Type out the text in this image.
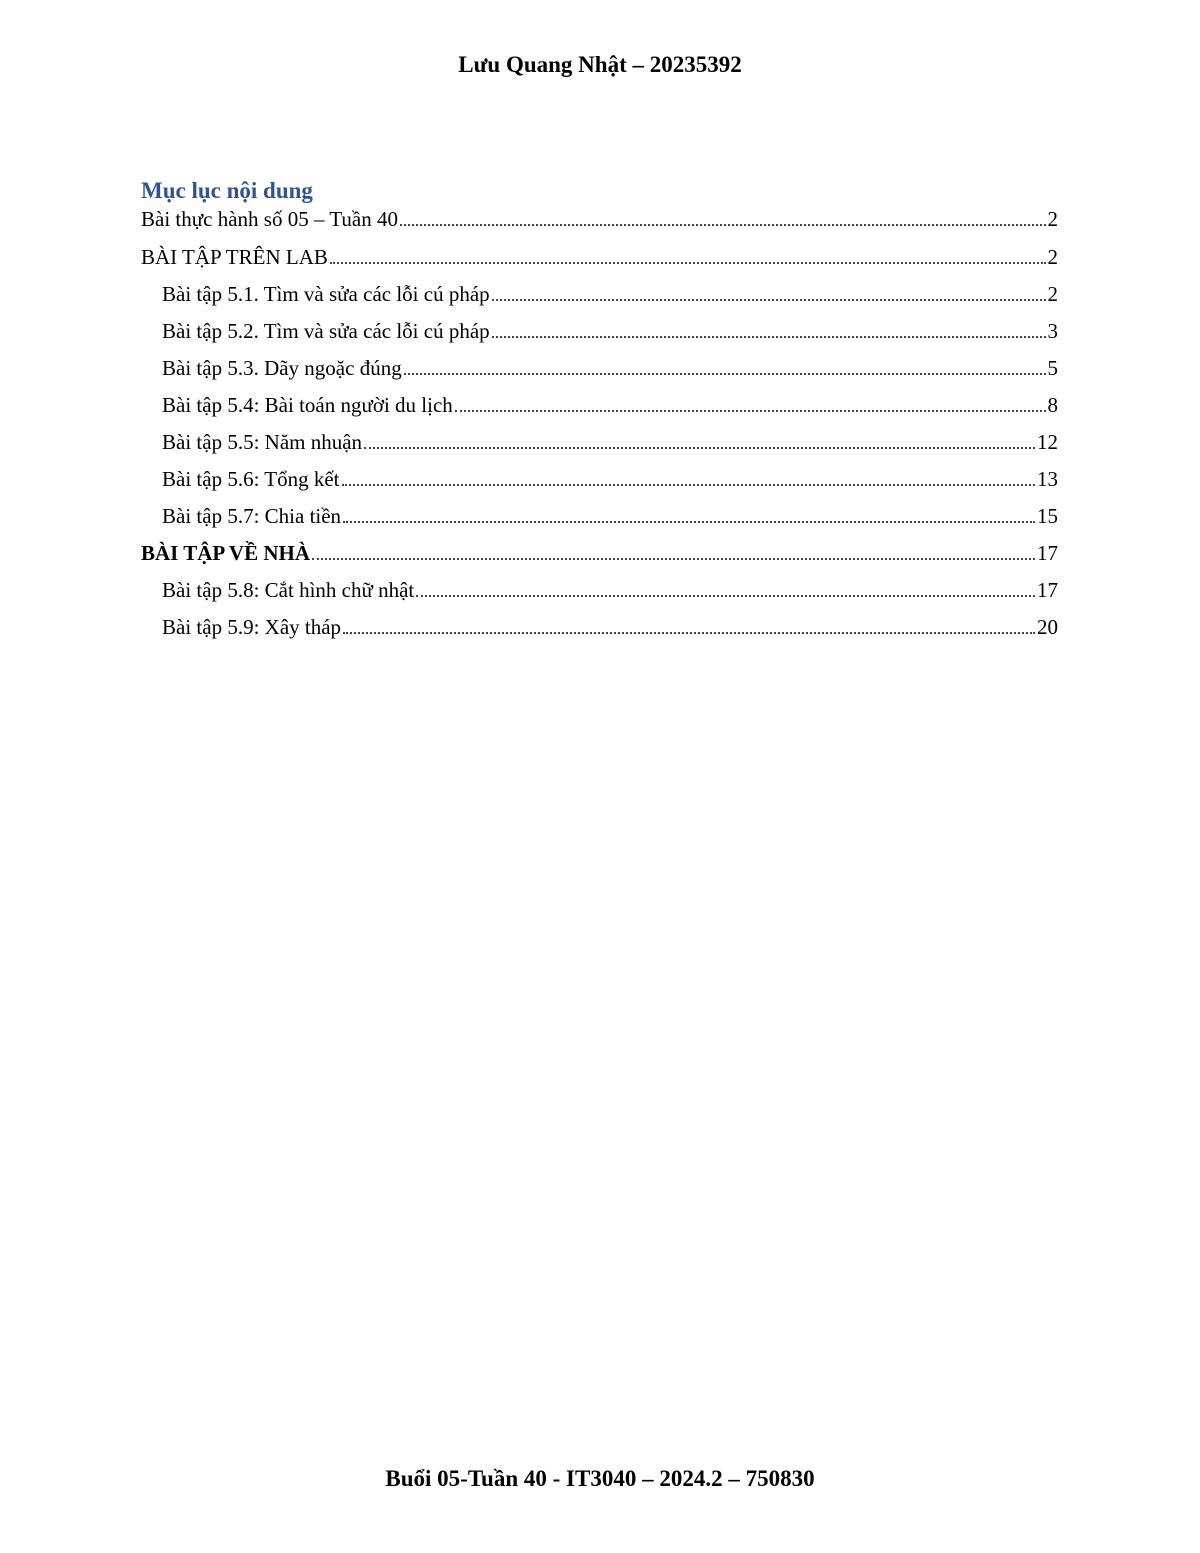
Lưu Quang Nhật – 20235392
Mục lục nội dung
Bài thực hành số 05 – Tuần 40	2
BÀI TẬP TRÊN LAB	2
Bài tập 5.1. Tìm và sửa các lỗi cú pháp	2
Bài tập 5.2. Tìm và sửa các lỗi cú pháp	3
Bài tập 5.3. Dãy ngoặc đúng	5
Bài tập 5.4: Bài toán người du lịch	8
Bài tập 5.5: Năm nhuận	12
Bài tập 5.6: Tổng kết	13
Bài tập 5.7: Chia tiền	15
BÀI TẬP VỀ NHÀ	17
Bài tập 5.8: Cắt hình chữ nhật	17
Bài tập 5.9: Xây tháp	20
Buổi 05-Tuần 40 - IT3040 – 2024.2 – 750830
